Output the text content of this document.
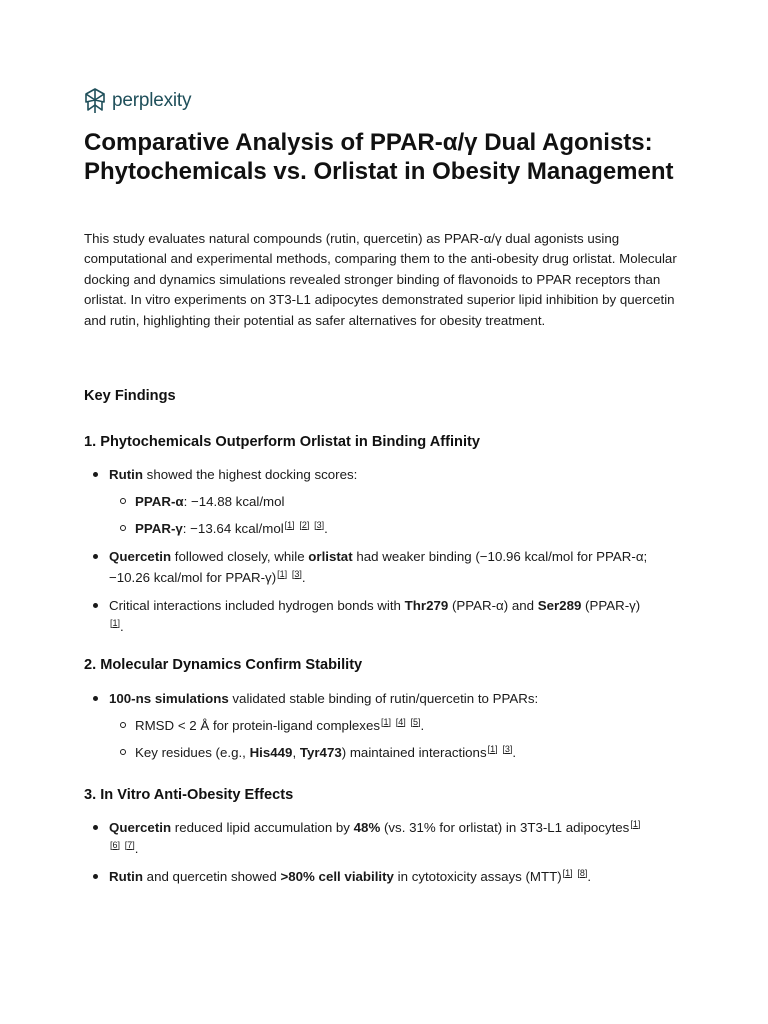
perplexity
Comparative Analysis of PPAR-α/γ Dual Agonists: Phytochemicals vs. Orlistat in Obesity Management

This study evaluates natural compounds (rutin, quercetin) as PPAR-α/γ dual agonists using computational and experimental methods, comparing them to the anti-obesity drug orlistat. Molecular docking and dynamics simulations revealed stronger binding of flavonoids to PPAR receptors than orlistat. In vitro experiments on 3T3-L1 adipocytes demonstrated superior lipid inhibition by quercetin and rutin, highlighting their potential as safer alternatives for obesity treatment.

Key Findings
1. Phytochemicals Outperform Orlistat in Binding Affinity
Rutin showed the highest docking scores:
PPAR-α: −14.88 kcal/mol
PPAR-γ: −13.64 kcal/mol[1] [2] [3].
Quercetin followed closely, while orlistat had weaker binding (−10.96 kcal/mol for PPAR-α; −10.26 kcal/mol for PPAR-γ)[1] [3].
Critical interactions included hydrogen bonds with Thr279 (PPAR-α) and Ser289 (PPAR-γ)
[1].
2. Molecular Dynamics Confirm Stability
100-ns simulations validated stable binding of rutin/quercetin to PPARs:
RMSD < 2 Å for protein-ligand complexes[1] [4] [5].
Key residues (e.g., His449, Tyr473) maintained interactions[1] [3].
3. In Vitro Anti-Obesity Effects
Quercetin reduced lipid accumulation by 48% (vs. 31% for orlistat) in 3T3-L1 adipocytes[1]
[6] [7].
Rutin and quercetin showed >80% cell viability in cytotoxicity assays (MTT)[1] [8].
